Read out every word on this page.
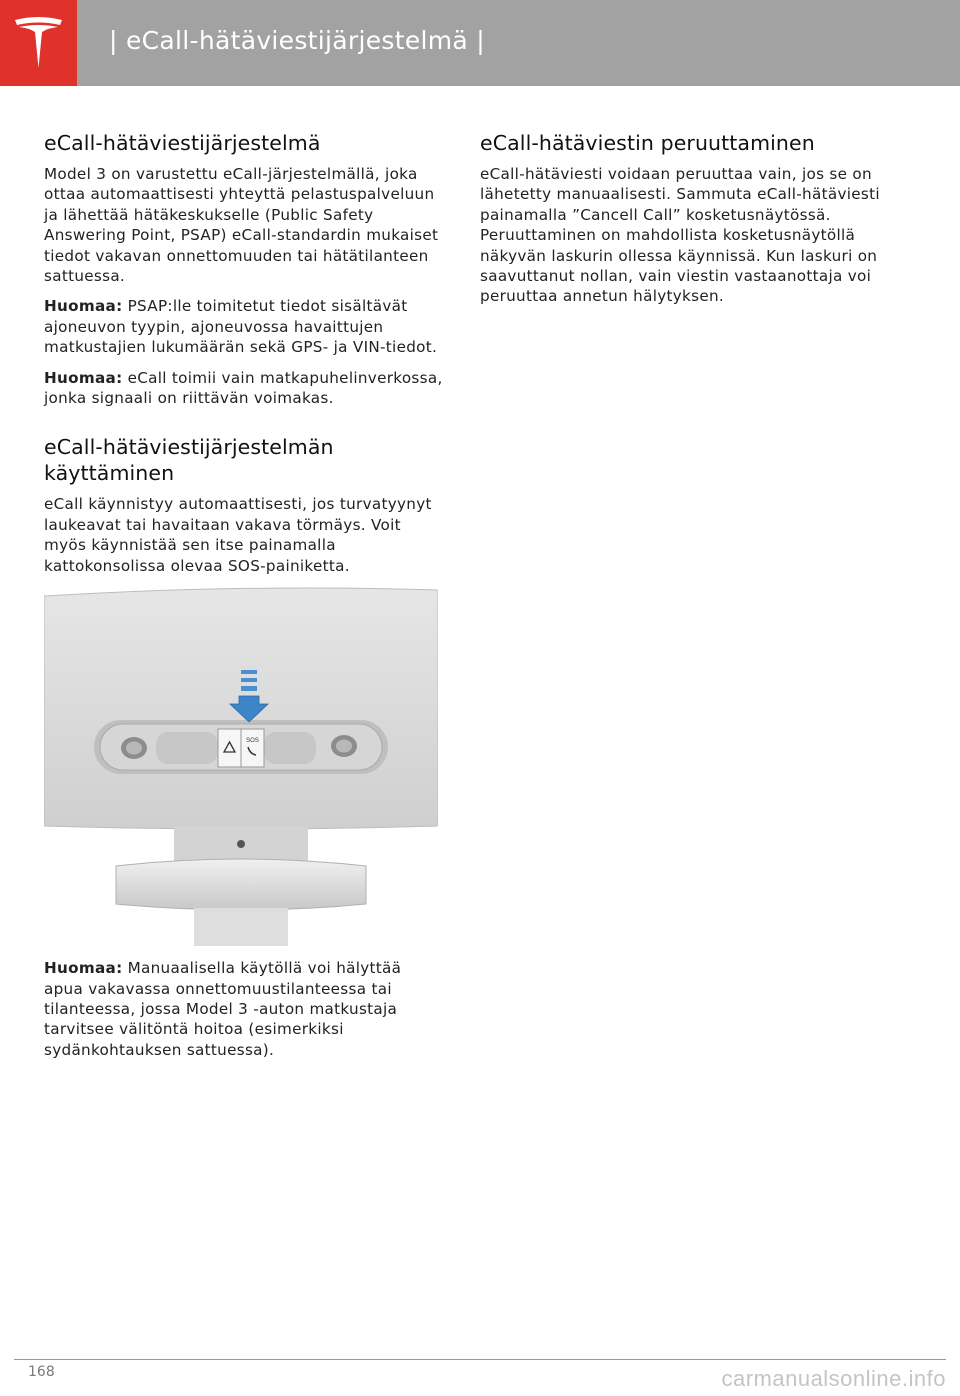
| eCall-hätäviestijärjestelmä |
eCall-hätäviestijärjestelmä

Model 3 on varustettu eCall-järjestelmällä, joka ottaa automaattisesti yhteyttä pelastuspalveluun ja lähettää hätäkeskukselle (Public Safety Answering Point, PSAP) eCall-standardin mukaiset tiedot vakavan onnettomuuden tai hätätilanteen sattuessa.

Huomaa: PSAP:lle toimitetut tiedot sisältävät ajoneuvon tyypin, ajoneuvossa havaittujen matkustajien lukumäärän sekä GPS- ja VIN-tiedot.

Huomaa: eCall toimii vain matkapuhelinverkossa, jonka signaali on riittävän voimakas.

eCall-hätäviestijärjestelmän käyttäminen

eCall käynnistyy automaattisesti, jos turvatyynyt laukeavat tai havaitaan vakava törmäys. Voit myös käynnistää sen itse painamalla kattokonsolissa olevaa SOS-painiketta.

SOS

Huomaa: Manuaalisella käytöllä voi hälyttää apua vakavassa onnettomuustilanteessa tai tilanteessa, jossa Model 3 -auton matkustaja tarvitsee välitöntä hoitoa (esimerkiksi sydänkohtauksen sattuessa).

eCall-hätäviestin peruuttaminen

eCall-hätäviesti voidaan peruuttaa vain, jos se on lähetetty manuaalisesti. Sammuta eCall-hätäviesti painamalla ”Cancell Call” kosketusnäytössä. Peruuttaminen on mahdollista kosketusnäytöllä näkyvän laskurin ollessa käynnissä. Kun laskuri on saavuttanut nollan, vain viestin vastaanottaja voi peruuttaa annetun hälytyksen.

168	carmanualsonline.info
